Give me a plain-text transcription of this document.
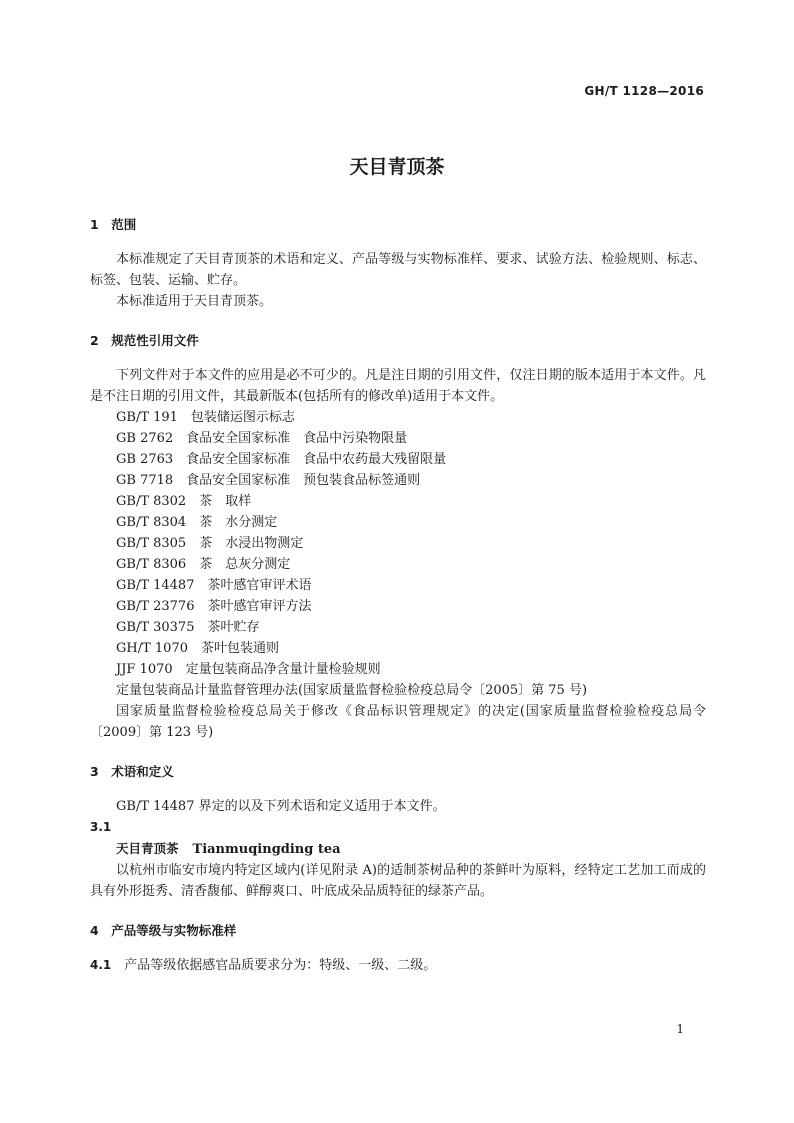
GH/T 1128—2016
天目青顶茶
1　范围

本标准规定了天目青顶茶的术语和定义、产品等级与实物标准样、要求、试验方法、检验规则、标志、标签、包装、运输、贮存。

本标准适用于天目青顶茶。

2　规范性引用文件

下列文件对于本文件的应用是必不可少的。凡是注日期的引用文件，仅注日期的版本适用于本文件。凡是不注日期的引用文件，其最新版本(包括所有的修改单)适用于本文件。

GB/T 191　包装储运图示标志

GB 2762　食品安全国家标准　食品中污染物限量

GB 2763　食品安全国家标准　食品中农药最大残留限量

GB 7718　食品安全国家标准　预包装食品标签通则

GB/T 8302　茶　取样

GB/T 8304　茶　水分测定

GB/T 8305　茶　水浸出物测定

GB/T 8306　茶　总灰分测定

GB/T 14487　茶叶感官审评术语

GB/T 23776　茶叶感官审评方法

GB/T 30375　茶叶贮存

GH/T 1070　茶叶包装通则

JJF 1070　定量包装商品净含量计量检验规则

定量包装商品计量监督管理办法(国家质量监督检验检疫总局令〔2005〕第 75 号)

国家质量监督检验检疫总局关于修改《食品标识管理规定》的决定(国家质量监督检验检疫总局令〔2009〕第 123 号)

3　术语和定义

GB/T 14487 界定的以及下列术语和定义适用于本文件。

3.1

天目青顶茶 Tianmuqingding tea

以杭州市临安市境内特定区域内(详见附录 A)的适制茶树品种的茶鲜叶为原料，经特定工艺加工而成的具有外形挺秀、清香馥郁、鲜醇爽口、叶底成朵品质特征的绿茶产品。

4　产品等级与实物标准样

4.1　 产品等级依据感官品质要求分为：特级、一级、二级。

1
